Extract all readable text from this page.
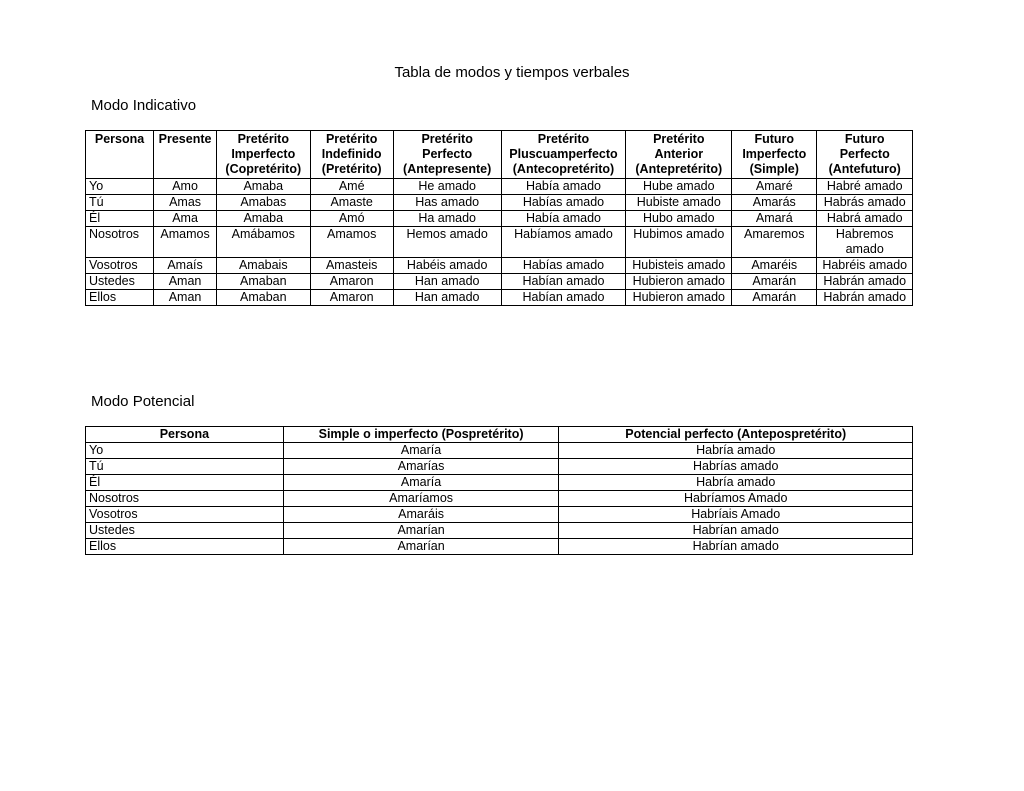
Tabla de modos y tiempos verbales
Modo Indicativo
Persona	Presente	Pretérito Imperfecto (Copretérito)	Pretérito Indefinido (Pretérito)	Pretérito Perfecto (Antepresente)	Pretérito Pluscuamperfecto (Antecopretérito)	Pretérito Anterior (Antepretérito)	Futuro Imperfecto (Simple)	Futuro Perfecto (Antefuturo)
Yo	Amo	Amaba	Amé	He amado	Había amado	Hube amado	Amaré	Habré amado
Tú	Amas	Amabas	Amaste	Has amado	Habías amado	Hubiste amado	Amarás	Habrás amado
Él	Ama	Amaba	Amó	Ha amado	Había amado	Hubo amado	Amará	Habrá amado
Nosotros	Amamos	Amábamos	Amamos	Hemos amado	Habíamos amado	Hubimos amado	Amaremos	Habremos amado
Vosotros	Amaís	Amabais	Amasteis	Habéis amado	Habías amado	Hubisteis amado	Amaréis	Habréis amado
Ustedes	Aman	Amaban	Amaron	Han amado	Habían amado	Hubieron amado	Amarán	Habrán amado
Ellos	Aman	Amaban	Amaron	Han amado	Habían amado	Hubieron amado	Amarán	Habrán amado
Modo Potencial
Persona	Simple o imperfecto (Pospretérito)	Potencial perfecto (Antepospretérito)
Yo	Amaría	Habría amado
Tú	Amarías	Habrías amado
Él	Amaría	Habría amado
Nosotros	Amaríamos	Habríamos Amado
Vosotros	Amaráis	Habríais Amado
Ustedes	Amarían	Habrían amado
Ellos	Amarían	Habrían amado
